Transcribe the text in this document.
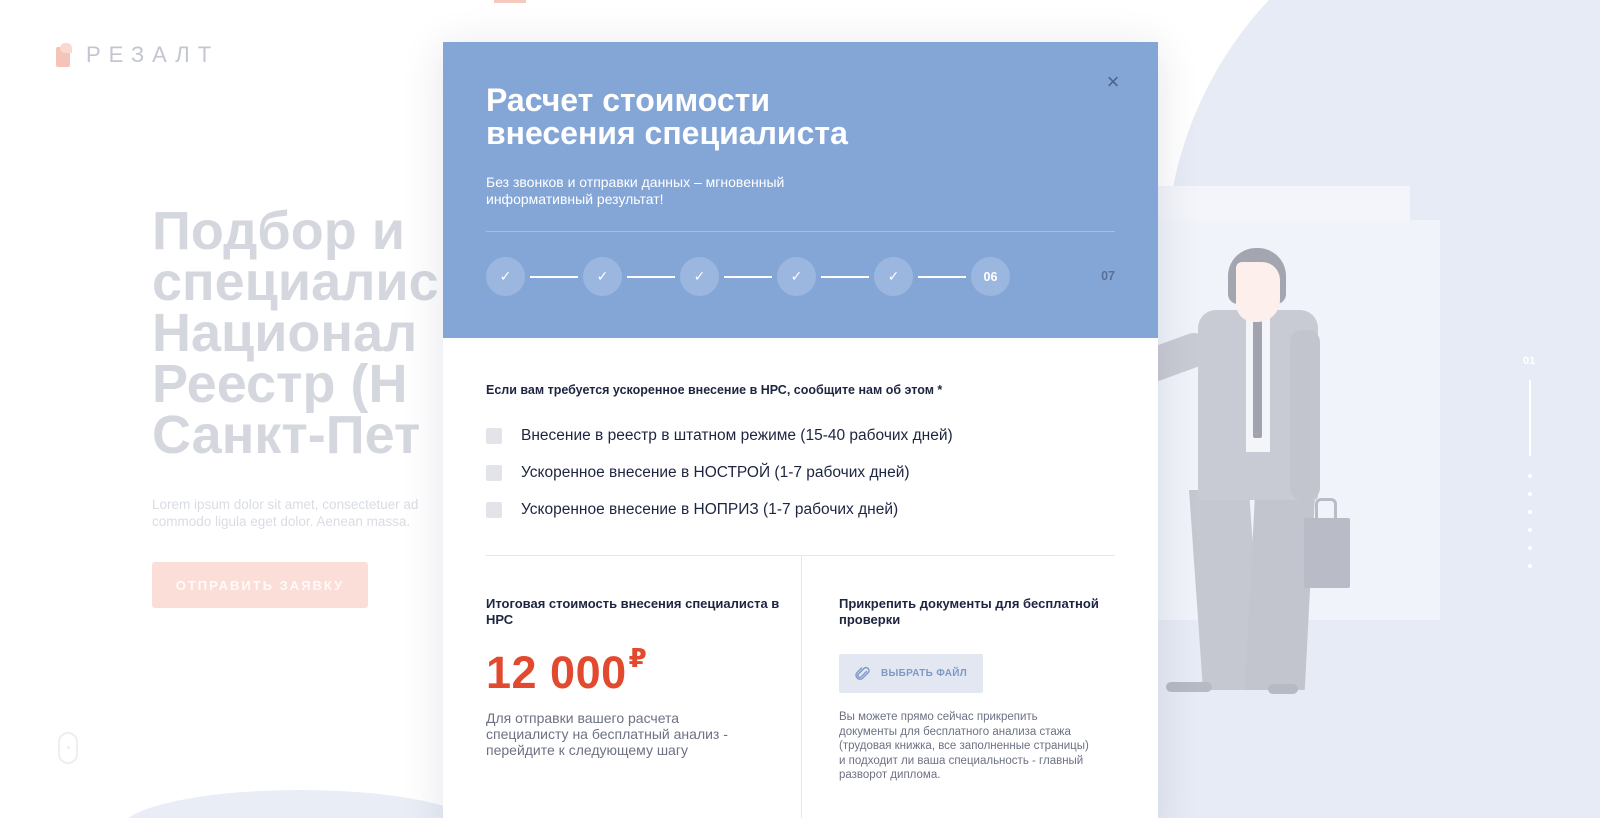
РЕЗАЛТ	8 (800) 505-89-52
Подбор и
специалис
Национал
Реестр (Н
Санкт-Пет
Lorem ipsum dolor sit amet, consectetuer ad commodo ligula eget dolor. Aenean massa.
ОТПРАВИТЬ ЗАЯВКУ
01
×
Расчет стоимости внесения специалиста
Без звонков и отправки данных – мгновенный информативный результат!
✓	✓	✓	✓	✓	06	07
Если вам требуется ускоренное внесение в НРС, сообщите нам об этом *
Внесение в реестр в штатном режиме (15-40 рабочих дней)
Ускоренное внесение в НОСТРОЙ (1-7 рабочих дней)
Ускоренное внесение в НОПРИЗ (1-7 рабочих дней)
Итоговая стоимость внесения специалиста в НРС
12 000 ₽
Для отправки вашего расчета специалисту на бесплатный анализ - перейдите к следующему шагу
Прикрепить документы для бесплатной проверки
ВЫБРАТЬ ФАЙЛ
Вы можете прямо сейчас прикрепить документы для бесплатного анализа стажа (трудовая книжка, все заполненные страницы) и подходит ли ваша специальность - главный разворот диплома.
